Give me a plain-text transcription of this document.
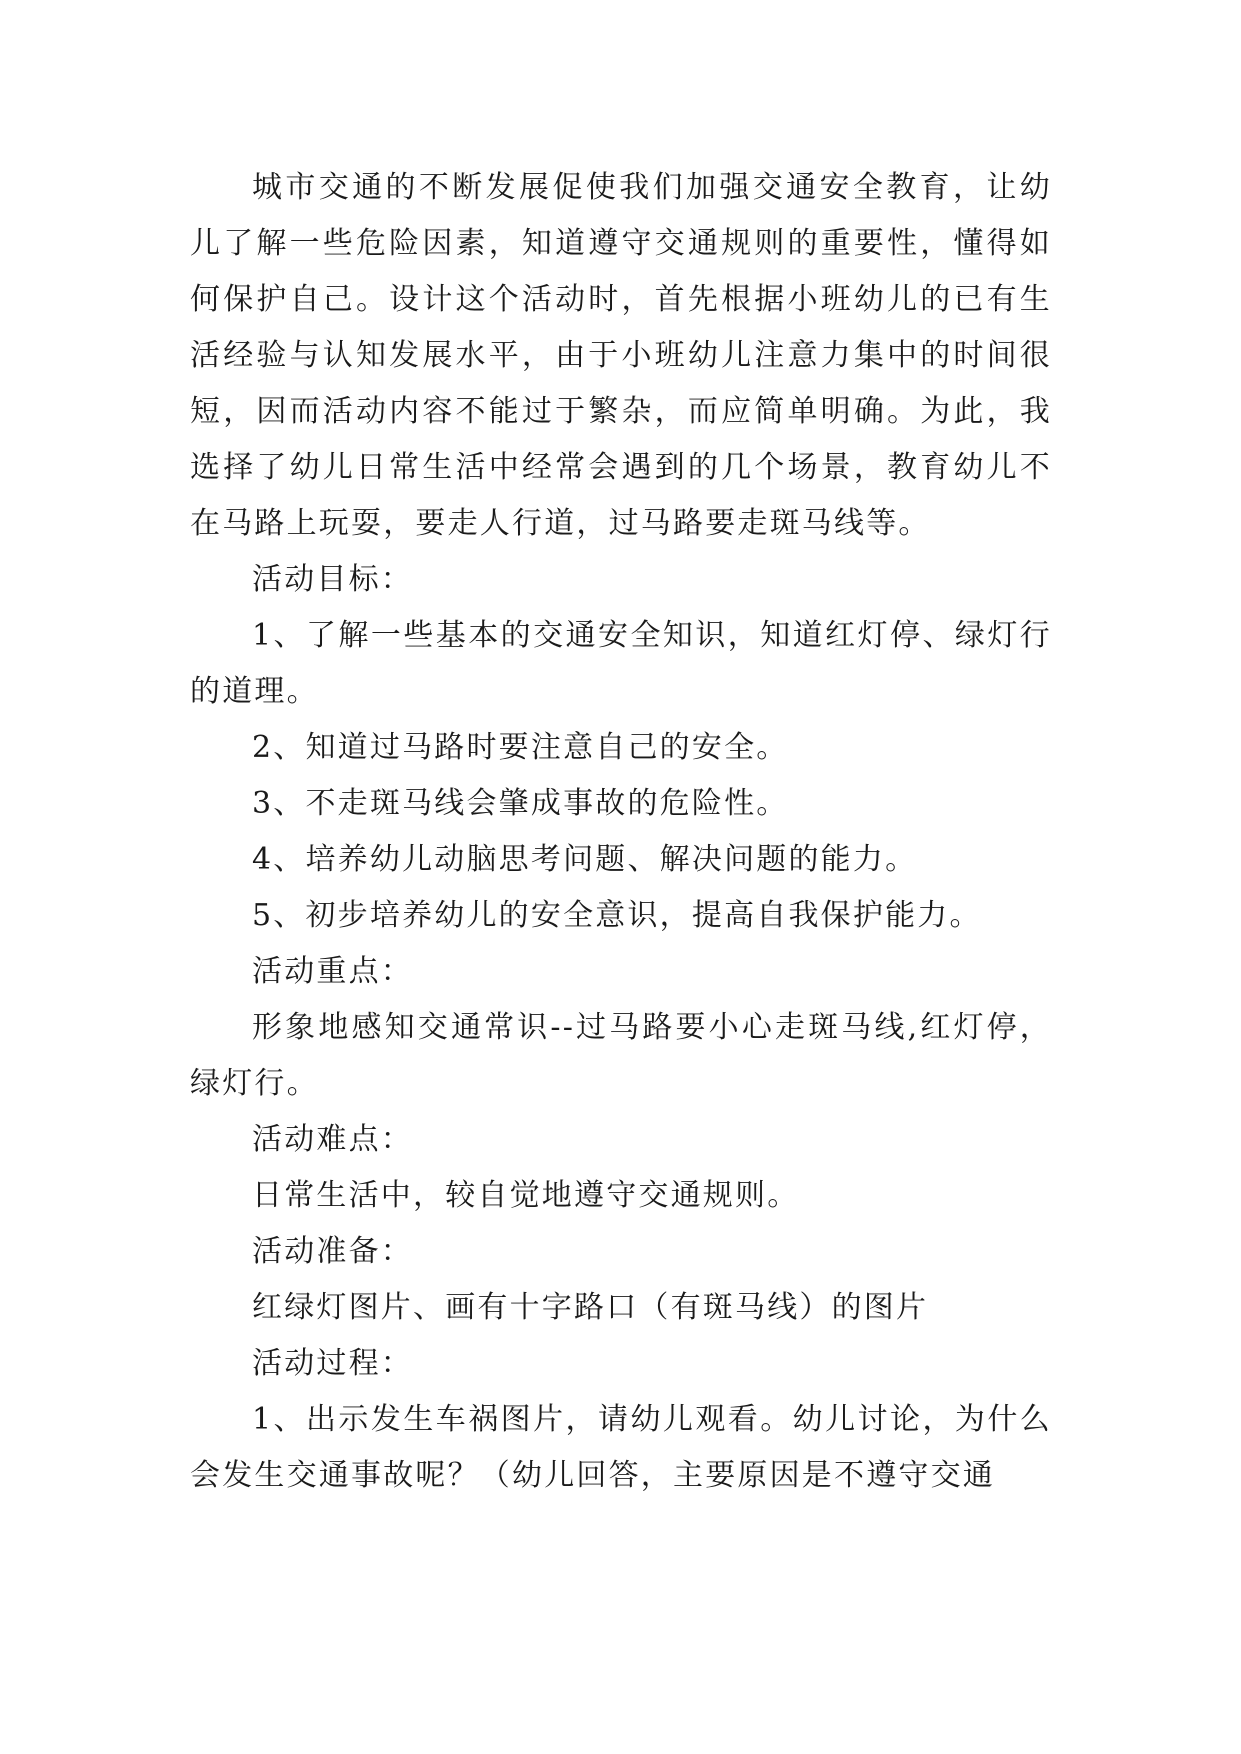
城市交通的不断发展促使我们加强交通安全教育，让幼儿了解一些危险因素，知道遵守交通规则的重要性，懂得如何保护自己。设计这个活动时，首先根据小班幼儿的已有生活经验与认知发展水平，由于小班幼儿注意力集中的时间很短，因而活动内容不能过于繁杂，而应简单明确。为此，我选择了幼儿日常生活中经常会遇到的几个场景，教育幼儿不在马路上玩耍，要走人行道，过马路要走斑马线等。

活动目标：

1、了解一些基本的交通安全知识，知道红灯停、绿灯行的道理。

2、知道过马路时要注意自己的安全。

3、不走斑马线会肇成事故的危险性。

4、培养幼儿动脑思考问题、解决问题的能力。

5、初步培养幼儿的安全意识，提高自我保护能力。

活动重点：

形象地感知交通常识--过马路要小心走斑马线,红灯停，绿灯行。

活动难点：

日常生活中，较自觉地遵守交通规则。

活动准备：

红绿灯图片、画有十字路口（有斑马线）的图片

活动过程：

1、出示发生车祸图片，请幼儿观看。幼儿讨论，为什么会发生交通事故呢？（幼儿回答，主要原因是不遵守交通
